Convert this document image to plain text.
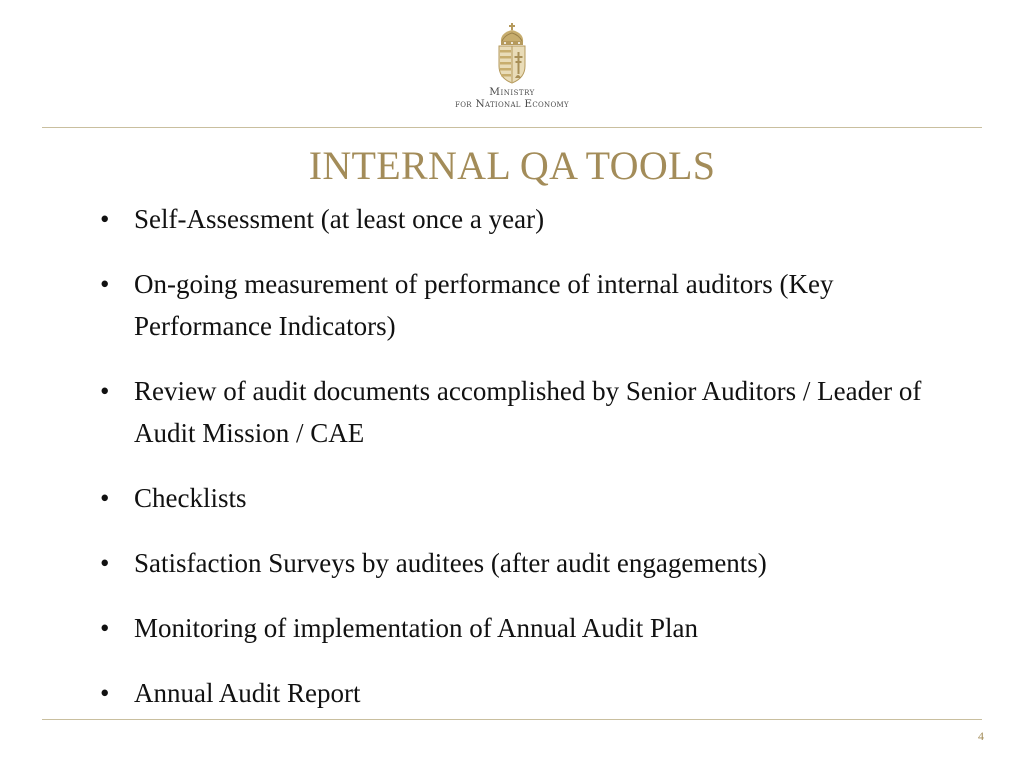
Ministry
for National Economy
INTERNAL QA TOOLS
• Self-Assessment (at least once a year)
• On-going measurement of performance of internal auditors (Key Performance Indicators)
• Review of audit documents accomplished by Senior Auditors / Leader of Audit Mission / CAE
• Checklists
• Satisfaction Surveys by auditees (after audit engagements)
• Monitoring of implementation of Annual Audit Plan
• Annual Audit Report
4
